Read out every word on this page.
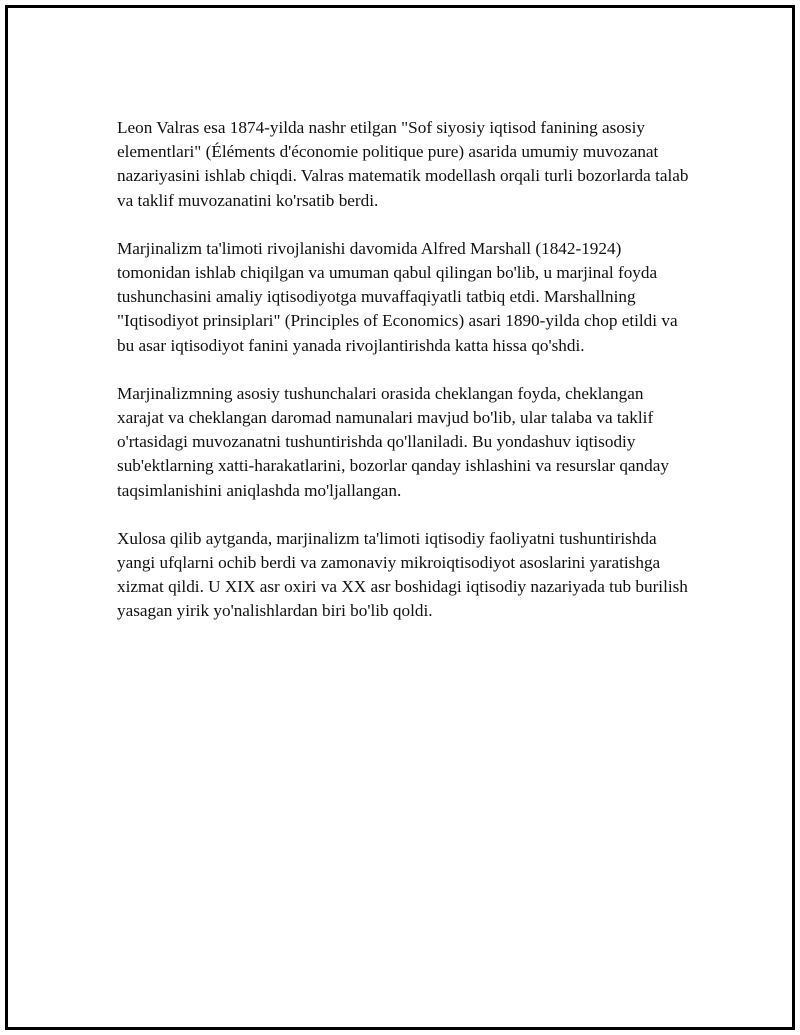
Leon Valras esa 1874-yilda nashr etilgan "Sof siyosiy iqtisod fanining asosiy elementlari" (Éléments d'économie politique pure) asarida umumiy muvozanat nazariyasini ishlab chiqdi. Valras matematik modellash orqali turli bozorlarda talab va taklif muvozanatini ko'rsatib berdi.

Marjinalizm ta'limoti rivojlanishi davomida Alfred Marshall (1842-1924) tomonidan ishlab chiqilgan va umuman qabul qilingan bo'lib, u marjinal foyda tushunchasini amaliy iqtisodiyotga muvaffaqiyatli tatbiq etdi. Marshallning "Iqtisodiyot prinsiplari" (Principles of Economics) asari 1890-yilda chop etildi va bu asar iqtisodiyot fanini yanada rivojlantirishda katta hissa qo'shdi.

Marjinalizmning asosiy tushunchalari orasida cheklangan foyda, cheklangan xarajat va cheklangan daromad namunalari mavjud bo'lib, ular talaba va taklif o'rtasidagi muvozanatni tushuntirishda qo'llaniladi. Bu yondashuv iqtisodiy sub'ektlarning xatti-harakatlarini, bozorlar qanday ishlashini va resurslar qanday taqsimlanishini aniqlashda mo'ljallangan.

Xulosa qilib aytganda, marjinalizm ta'limoti iqtisodiy faoliyatni tushuntirishda yangi ufqlarni ochib berdi va zamonaviy mikroiqtisodiyot asoslarini yaratishga xizmat qildi. U XIX asr oxiri va XX asr boshidagi iqtisodiy nazariyada tub burilish yasagan yirik yo'nalishlardan biri bo'lib qoldi.
